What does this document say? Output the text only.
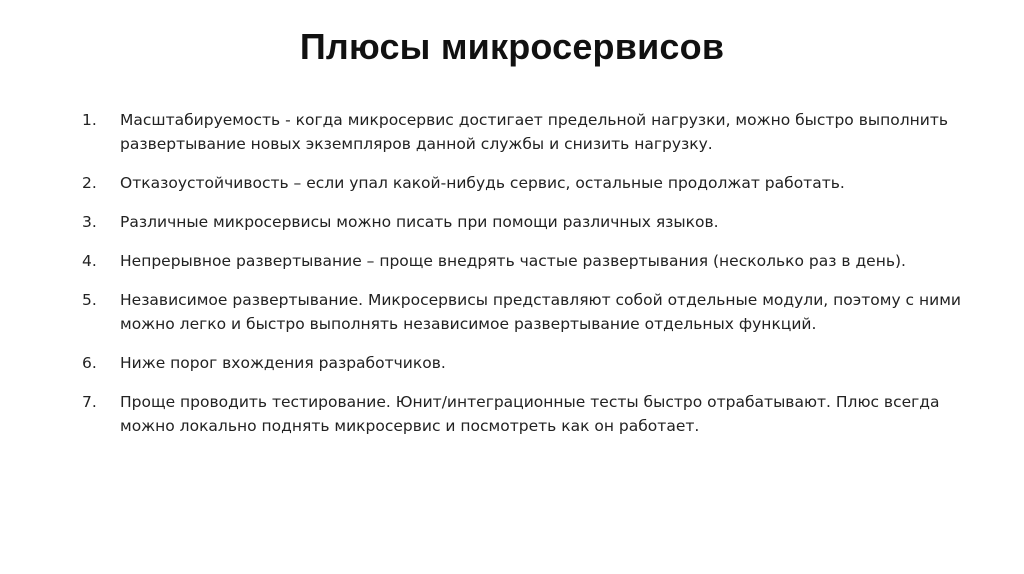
Плюсы микросервисов
1.	Масштабируемость - когда микросервис достигает предельной нагрузки, можно быстро выполнить
развертывание новых экземпляров данной службы и снизить нагрузку.
2.	Отказоустойчивость – если упал какой-нибудь сервис, остальные продолжат работать.
3.	Различные микросервисы можно писать при помощи различных языков.
4.	Непрерывное развертывание – проще внедрять частые развертывания (несколько раз в день).
5.	Независимое развертывание. Микросервисы представляют собой отдельные модули, поэтому с ними
можно легко и быстро выполнять независимое развертывание отдельных функций.
6.	Ниже порог вхождения разработчиков.
7.	Проще проводить тестирование. Юнит/интеграционные тесты быстро отрабатывают. Плюс всегда
можно локально поднять микросервис и посмотреть как он работает.
